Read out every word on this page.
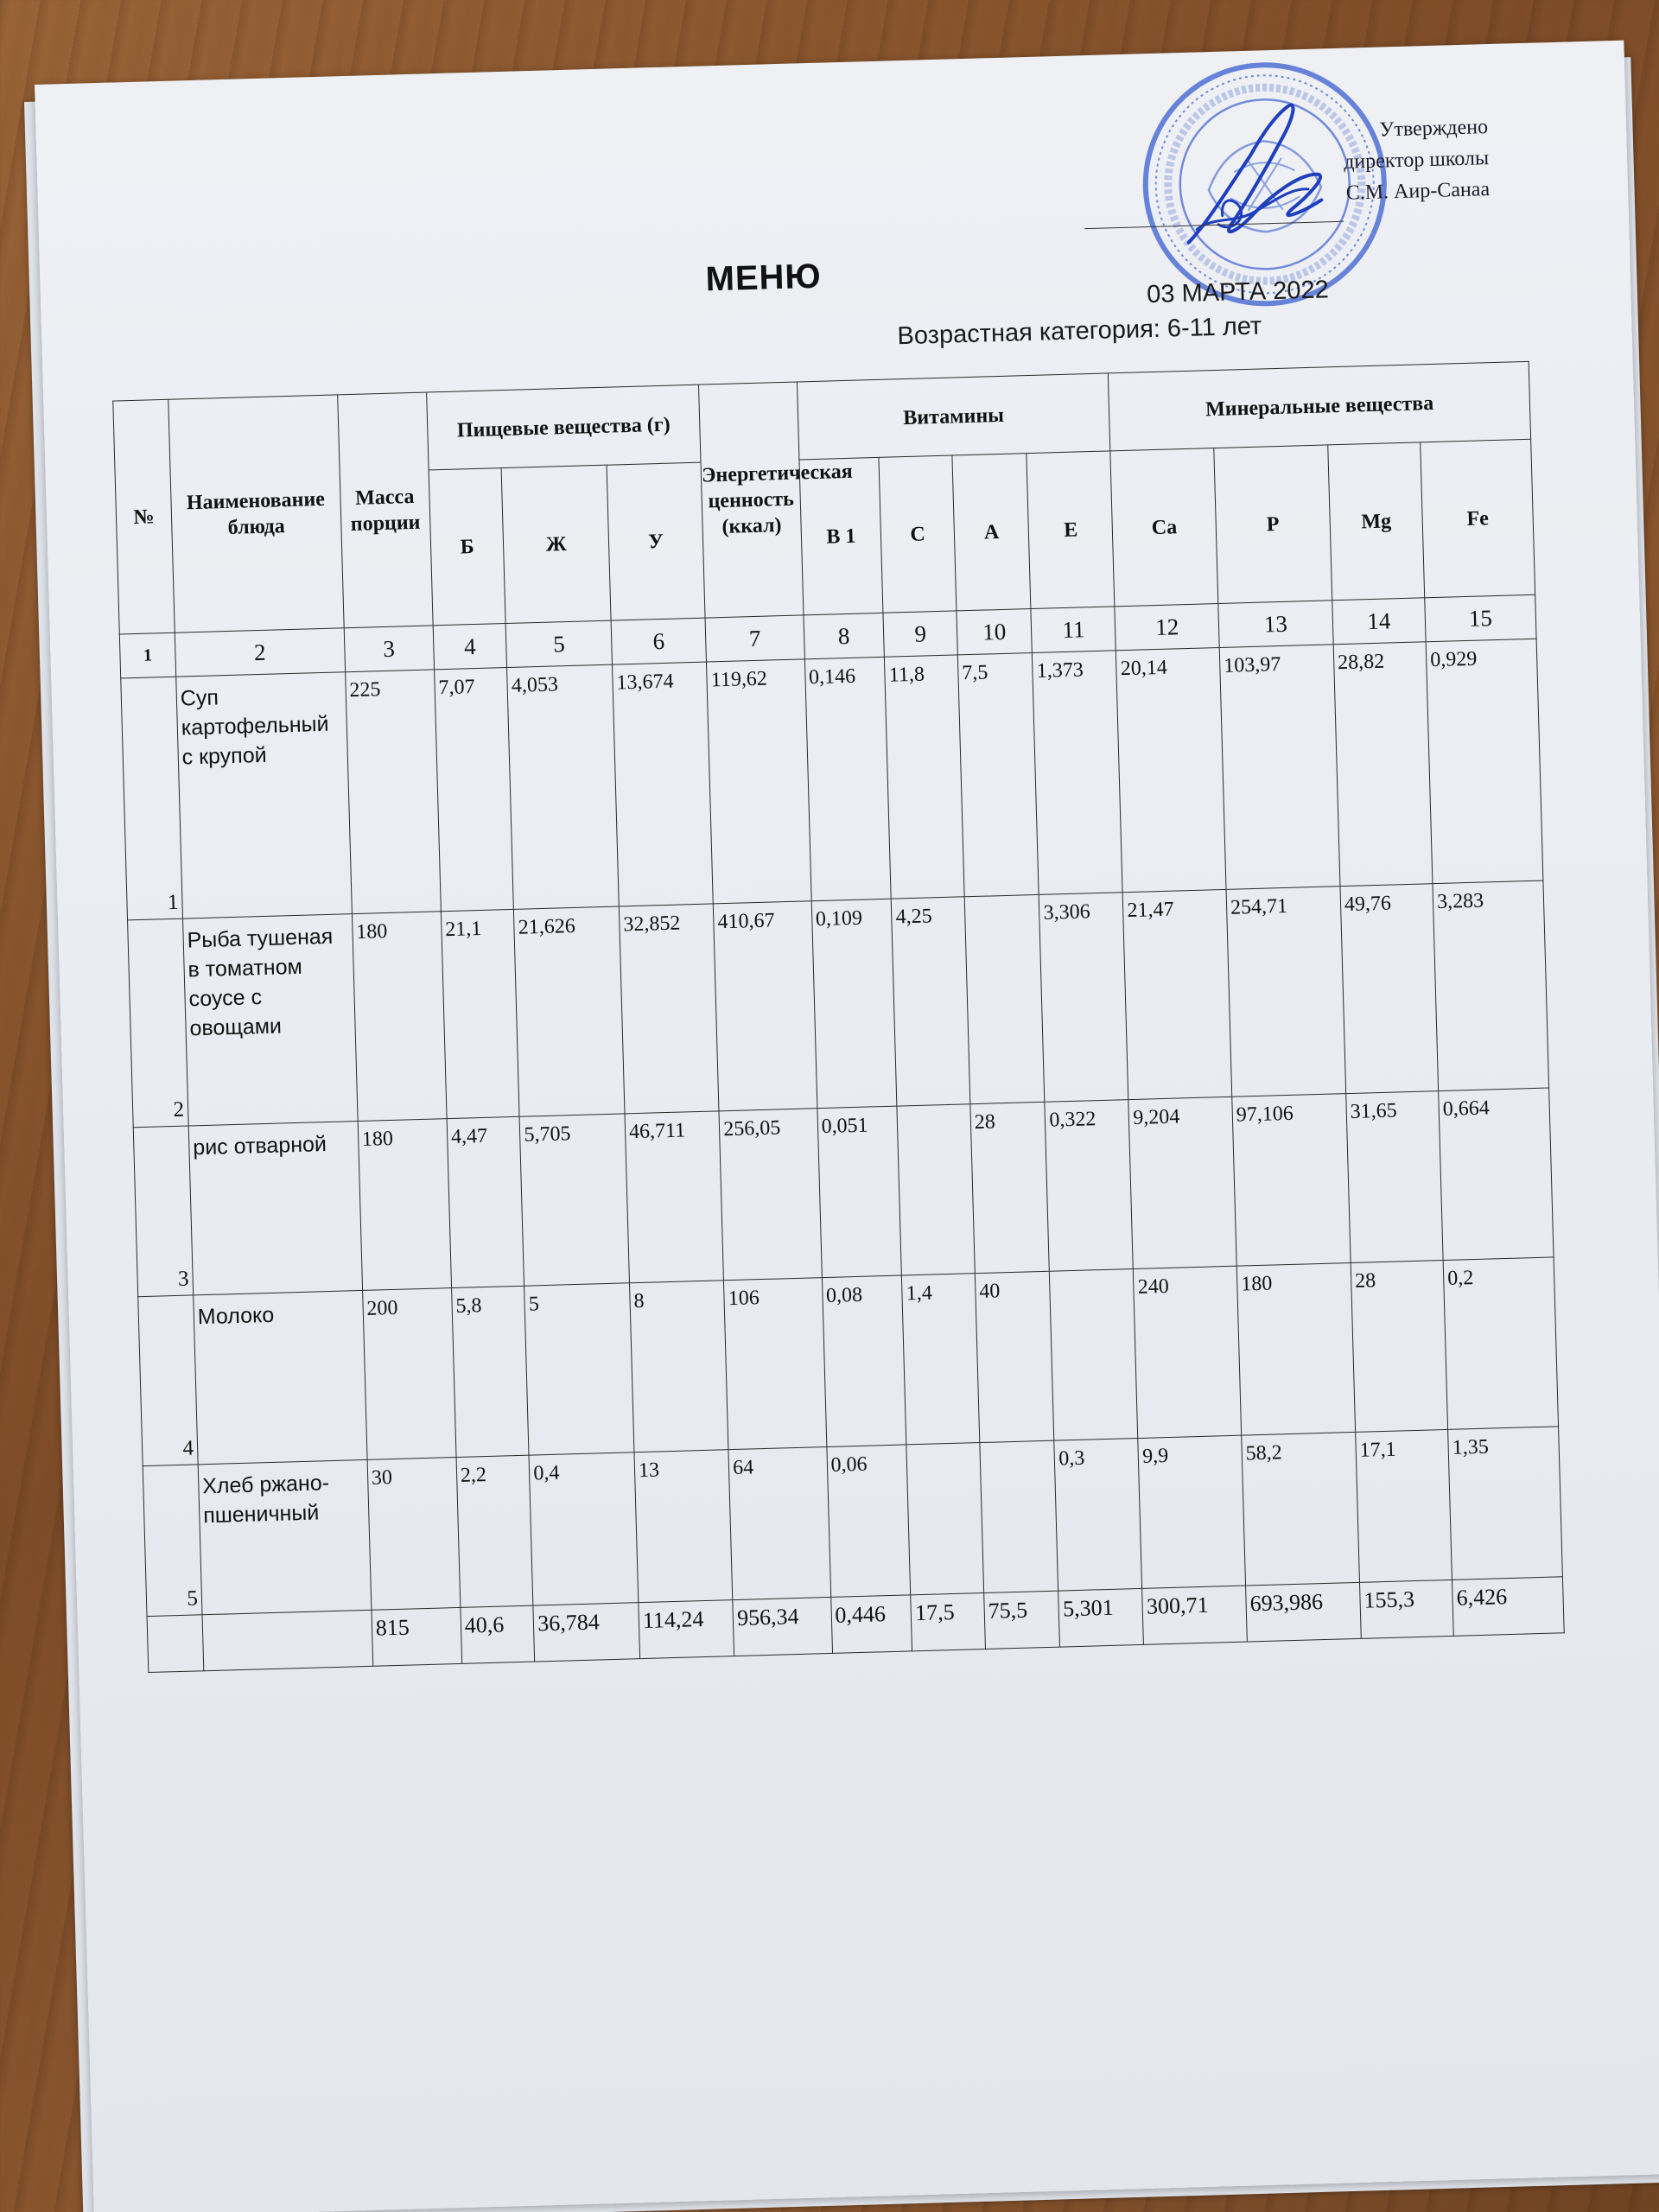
Утверждено
директор школы
С.М. Аир-Санаа
МЕНЮ	03 МАРТА 2022
Возрастная категория: 6-11 лет
№	Наименование блюда	Масса порции	Пищевые вещества (г)			Энергетическая ценность (ккал)	Витамины				Минеральные вещества			
			Б	Ж	У		В 1	С	А	Е	Ca	P	Mg	Fe
1	2	3	4	5	6	7	8	9	10	11	12	13	14	15
1	Суп картофельный с крупой	225	7,07	4,053	13,674	119,62	0,146	11,8	7,5	1,373	20,14	103,97	28,82	0,929
2	Рыба тушеная в томатном соусе с овощами	180	21,1	21,626	32,852	410,67	0,109	4,25		3,306	21,47	254,71	49,76	3,283
3	рис отварной	180	4,47	5,705	46,711	256,05	0,051		28	0,322	9,204	97,106	31,65	0,664
4	Молоко	200	5,8	5	8	106	0,08	1,4	40		240	180	28	0,2
5	Хлеб ржано-пшеничный	30	2,2	0,4	13	64	0,06			0,3	9,9	58,2	17,1	1,35
		815	40,6	36,784	114,24	956,34	0,446	17,5	75,5	5,301	300,71	693,986	155,3	6,426
